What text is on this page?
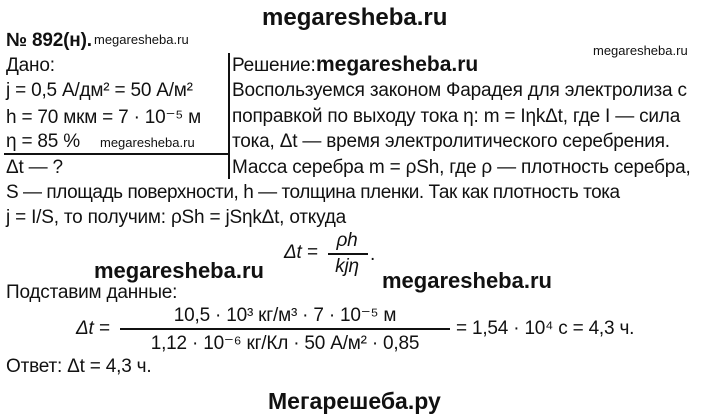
megaresheba.ru
megaresheba.ru
megaresheba.ru
№ 892(н).
Дано:
j = 0,5 А/дм² = 50 А/м²
h = 70 мкм = 7 · 10⁻⁵ м
η = 85 % megaresheba.ru
Δt — ?
Решение: megaresheba.ru
Воспользуемся законом Фарадея для электролиза с
поправкой по выходу тока η: m = IηkΔt, где I — сила
тока, Δt — время электролитического серебрения.
Масса серебра m = ρSh, где ρ — плотность серебра,
S — площадь поверхности, h — толщина пленки. Так как плотность тока
j = I/S, то получим: ρSh = jSηkΔt, откуда
Δt =
ρh
kjη
.
megaresheba.ru	megaresheba.ru
Подставим данные:
Δt =
10,5 · 10³ кг/м³ · 7 · 10⁻⁵ м
1,12 · 10⁻⁶ кг/Кл · 50 А/м² · 0,85
= 1,54 · 10⁴ с = 4,3 ч.
Ответ: Δt = 4,3 ч.
Мегарешеба.ру
